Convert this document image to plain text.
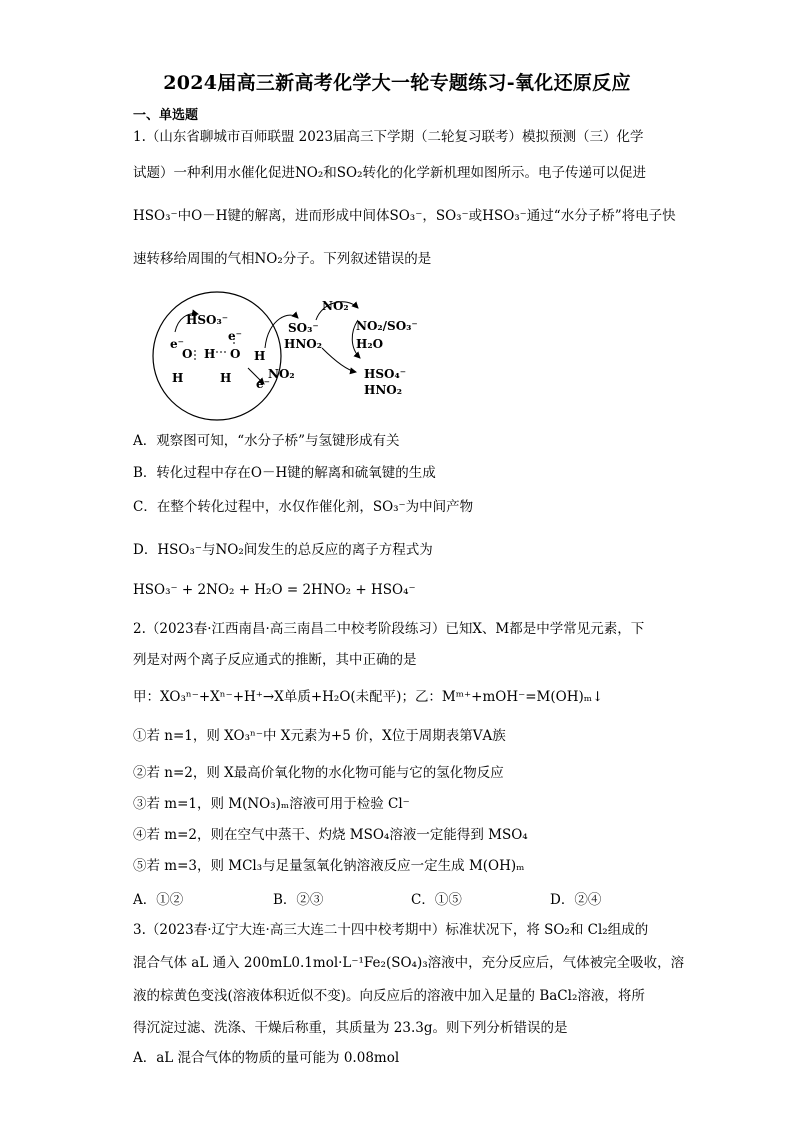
2024届高三新高考化学大一轮专题练习-氧化还原反应
一、单选题
1.（山东省聊城市百师联盟 2023届高三下学期（二轮复习联考）模拟预测（三）化学
试题）一种利用水催化促进NO₂和SO₂转化的化学新机理如图所示。电子传递可以促进
HSO₃⁻中O－H键的解离，进而形成中间体SO₃⁻，SO₃⁻或HSO₃⁻通过“水分子桥”将电子快
速转移给周围的气相NO₂分子。下列叙述错误的是
HSO₃⁻
e⁻
e⁻
e⁻
O H O H
H	H	NO₂
SO₃⁻
HNO₂
NO₂
NO₂/SO₃⁻
H₂O
HSO₄⁻
HNO₂
A．观察图可知，“水分子桥”与氢键形成有关
B．转化过程中存在O－H键的解离和硫氧键的生成
C．在整个转化过程中，水仅作催化剂，SO₃⁻为中间产物
D．HSO₃⁻与NO₂间发生的总反应的离子方程式为
HSO₃⁻ + 2NO₂ + H₂O = 2HNO₂ + HSO₄⁻
2.（2023春·江西南昌·高三南昌二中校考阶段练习）已知X、M都是中学常见元素，下
列是对两个离子反应通式的推断，其中正确的是
甲：XO₃ⁿ⁻+Xⁿ⁻+H⁺→X单质+H₂O(未配平)；乙：Mᵐ⁺+mOH⁻=M(OH)ₘ↓
①若 n=1，则 XO₃ⁿ⁻中 X元素为+5 价，X位于周期表第ⅤA族
②若 n=2，则 X最高价氧化物的水化物可能与它的氢化物反应
③若 m=1，则 M(NO₃)ₘ溶液可用于检验 Cl⁻
④若 m=2，则在空气中蒸干、灼烧 MSO₄溶液一定能得到 MSO₄
⑤若 m=3，则 MCl₃与足量氢氧化钠溶液反应一定生成 M(OH)ₘ
A．①②	B．②③	C．①⑤	D．②④
3.（2023春·辽宁大连·高三大连二十四中校考期中）标准状况下，将 SO₂和 Cl₂组成的
混合气体 aL 通入 200mL0.1mol·L⁻¹Fe₂(SO₄)₃溶液中，充分反应后，气体被完全吸收，溶
液的棕黄色变浅(溶液体积近似不变)。向反应后的溶液中加入足量的 BaCl₂溶液，将所
得沉淀过滤、洗涤、干燥后称重，其质量为 23.3g。则下列分析错误的是
A．aL 混合气体的物质的量可能为 0.08mol
